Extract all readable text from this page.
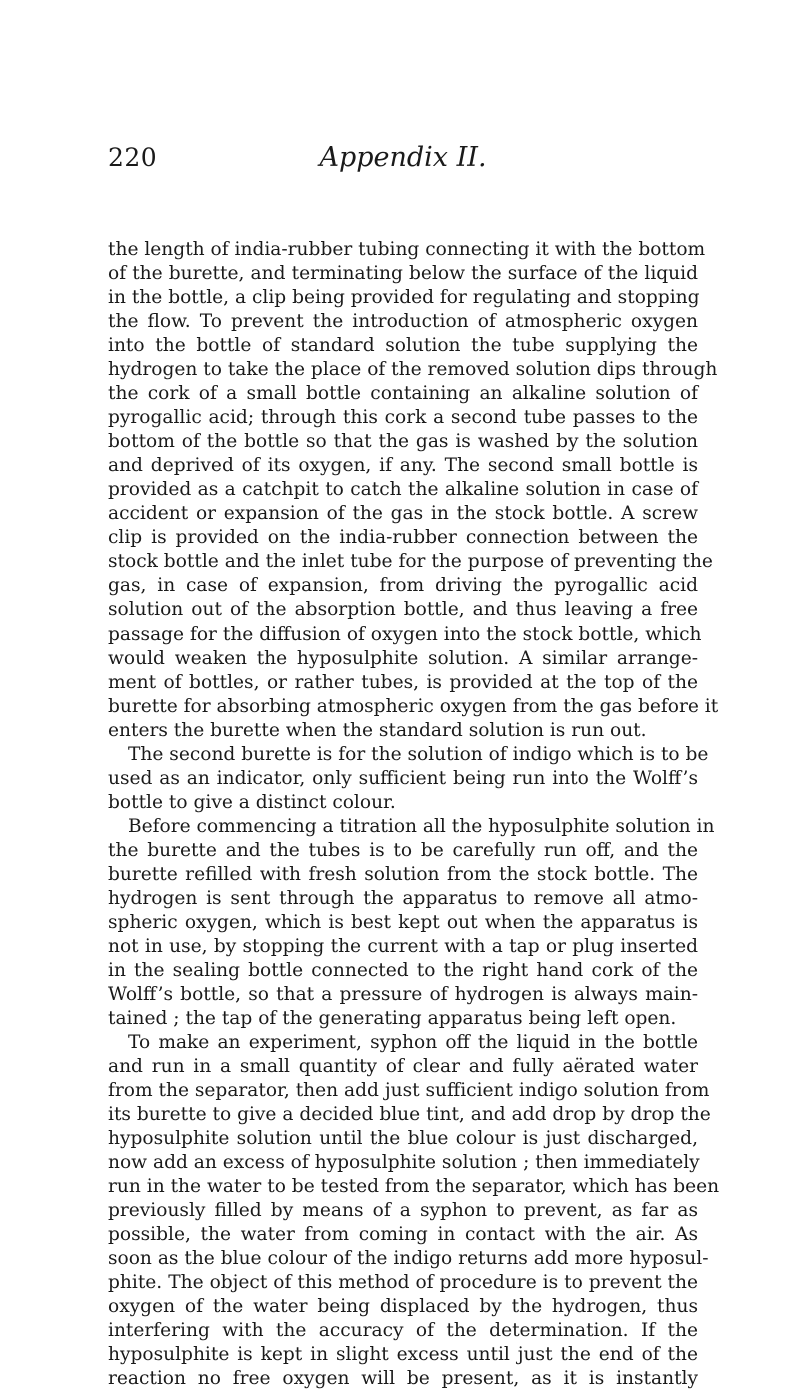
220	Appendix II.
the length of india-rubber tubing connecting it with the bottom
of the burette, and terminating below the surface of the liquid
in the bottle, a clip being provided for regulating and stopping
the flow. To prevent the introduction of atmospheric oxygen
into the bottle of standard solution the tube supplying the
hydrogen to take the place of the removed solution dips through
the cork of a small bottle containing an alkaline solution of
pyrogallic acid; through this cork a second tube passes to the
bottom of the bottle so that the gas is washed by the solution
and deprived of its oxygen, if any. The second small bottle is
provided as a catchpit to catch the alkaline solution in case of
accident or expansion of the gas in the stock bottle. A screw
clip is provided on the india-rubber connection between the
stock bottle and the inlet tube for the purpose of preventing the
gas, in case of expansion, from driving the pyrogallic acid
solution out of the absorption bottle, and thus leaving a free
passage for the diffusion of oxygen into the stock bottle, which
would weaken the hyposulphite solution. A similar arrange-
ment of bottles, or rather tubes, is provided at the top of the
burette for absorbing atmospheric oxygen from the gas before it
enters the burette when the standard solution is run out.
The second burette is for the solution of indigo which is to be
used as an indicator, only sufficient being run into the Wolff’s
bottle to give a distinct colour.
Before commencing a titration all the hyposulphite solution in
the burette and the tubes is to be carefully run off, and the
burette refilled with fresh solution from the stock bottle. The
hydrogen is sent through the apparatus to remove all atmo-
spheric oxygen, which is best kept out when the apparatus is
not in use, by stopping the current with a tap or plug inserted
in the sealing bottle connected to the right hand cork of the
Wolff’s bottle, so that a pressure of hydrogen is always main-
tained ; the tap of the generating apparatus being left open.
To make an experiment, syphon off the liquid in the bottle
and run in a small quantity of clear and fully aërated water
from the separator, then add just sufficient indigo solution from
its burette to give a decided blue tint, and add drop by drop the
hyposulphite solution until the blue colour is just discharged,
now add an excess of hyposulphite solution ; then immediately
run in the water to be tested from the separator, which has been
previously filled by means of a syphon to prevent, as far as
possible, the water from coming in contact with the air. As
soon as the blue colour of the indigo returns add more hyposul-
phite. The object of this method of procedure is to prevent the
oxygen of the water being displaced by the hydrogen, thus
interfering with the accuracy of the determination. If the
hyposulphite is kept in slight excess until just the end of the
reaction no free oxygen will be present, as it is instantly
